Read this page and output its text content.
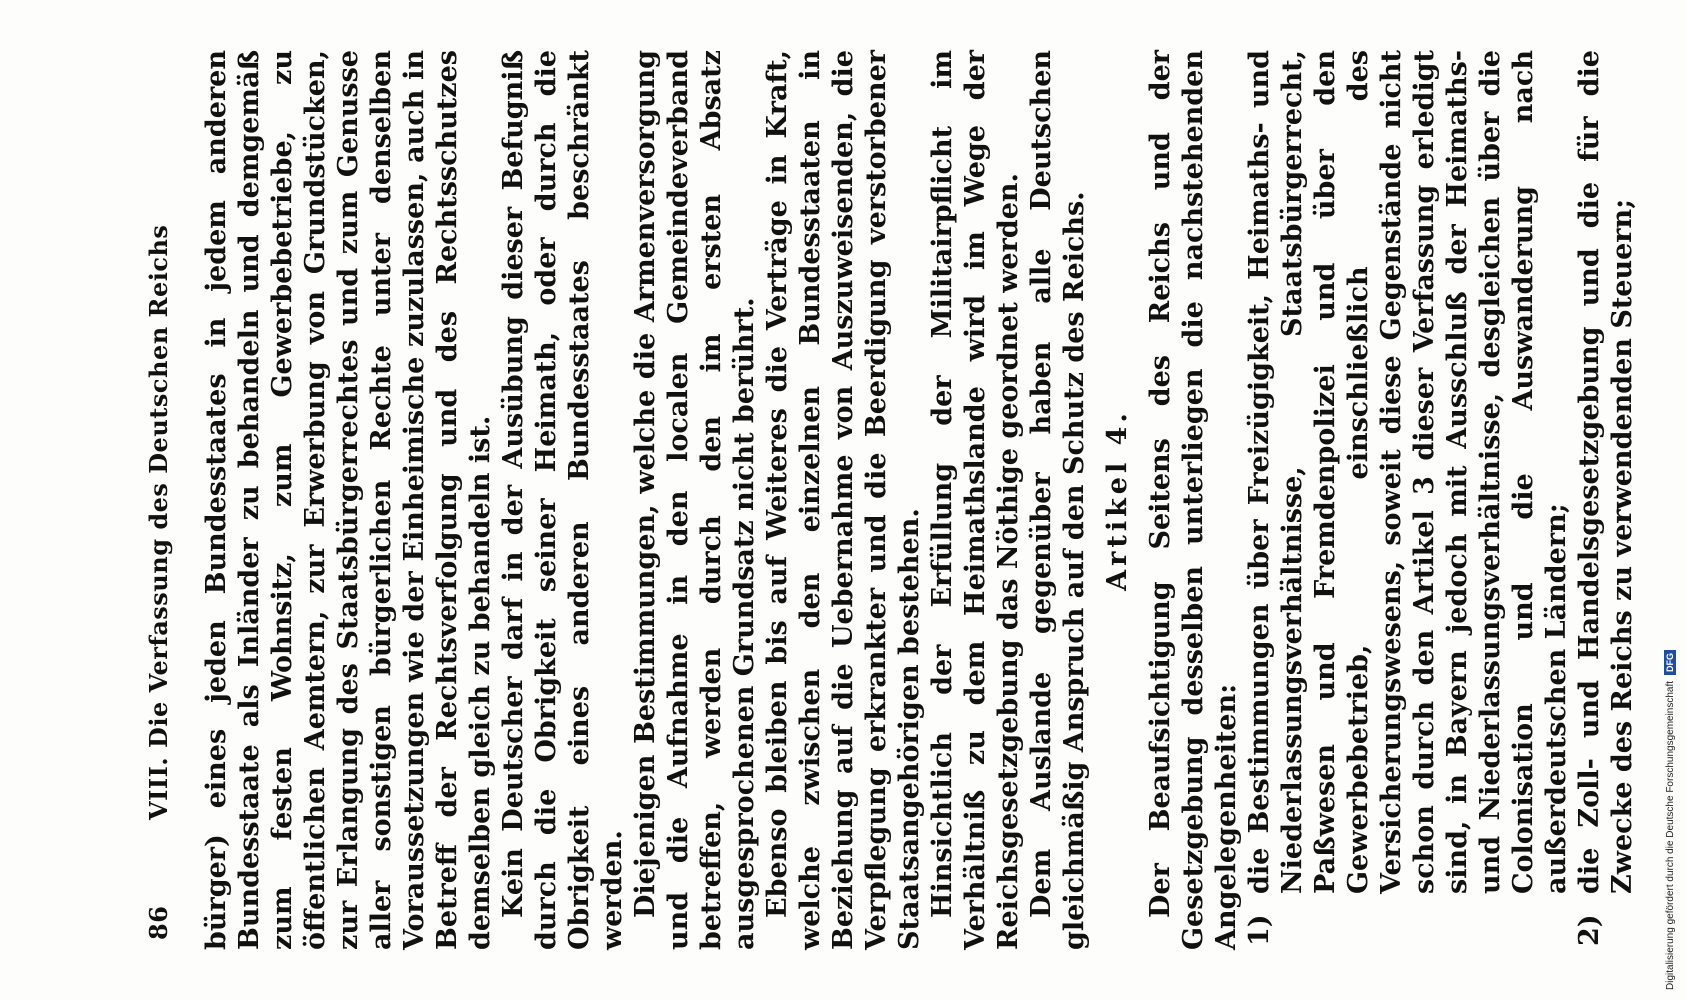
86
VIII. Die Verfassung des Deutschen Reichs bürger) eines jeden Bundesstaates in jedem anderen Bundesstaate als Inländer zu behandeln und demgemäß zum festen Wohnsitz, zum Gewerbebetriebe, zu öffentlichen Aemtern, zur Erwerbung von Grundstücken, zur Erlangung des Staatsbürgerrechtes und zum Genusse aller sonstigen bürgerlichen Rechte unter denselben Voraussetzungen wie der Einheimische zuzulassen, auch in Betreff der Rechtsverfolgung und des Rechtsschutzes demselben gleich zu behandeln ist. Kein Deutscher darf in der Ausübung dieser Befugniß durch die Obrigkeit seiner Heimath, oder durch die Obrigkeit eines anderen Bundesstaates beschränkt werden. Diejenigen Bestimmungen, welche die Armenversorgung und die Aufnahme in den localen Gemeindeverband betreffen, werden durch den im ersten Absatz ausgesprochenen Grundsatz nicht berührt. Ebenso bleiben bis auf Weiteres die Verträge in Kraft, welche zwischen den einzelnen Bundesstaaten in Beziehung auf die Uebernahme von Auszuweisenden, die Verpflegung erkrankter und die Beerdigung verstorbener Staatsangehörigen bestehen. Hinsichtlich der Erfüllung der Militairpflicht im Verhältniß zu dem Heimathslande wird im Wege der Reichsgesetzgebung das Nöthige geordnet werden. Dem Auslande gegenüber haben alle Deutschen gleichmäßig Anspruch auf den Schutz des Reichs. Artikel 4. Der Beaufsichtigung Seitens des Reichs und der Gesetzgebung desselben unterliegen die nachstehenden Angelegenheiten: 1)
die Bestimmungen über Freizügigkeit, Heimaths- und Niederlassungsverhältnisse, Staatsbürgerrecht, Paßwesen und Fremdenpolizei und über den Gewerbebetrieb, einschließlich des Versicherungswesens, soweit diese Gegenstände nicht schon durch den Artikel 3 dieser Verfassung erledigt sind, in Bayern jedoch mit Ausschluß der Heimaths- und Niederlassungsverhältnisse, desgleichen über die Colonisation und die Auswanderung nach außerdeutschen Ländern;

2)
die Zoll- und Handelsgesetzgebung und die für die Zwecke des Reichs zu verwendenden Steuern;	Digitalisierung gefördert durch die Deutsche Forschungsgemeinschaft
DFG
